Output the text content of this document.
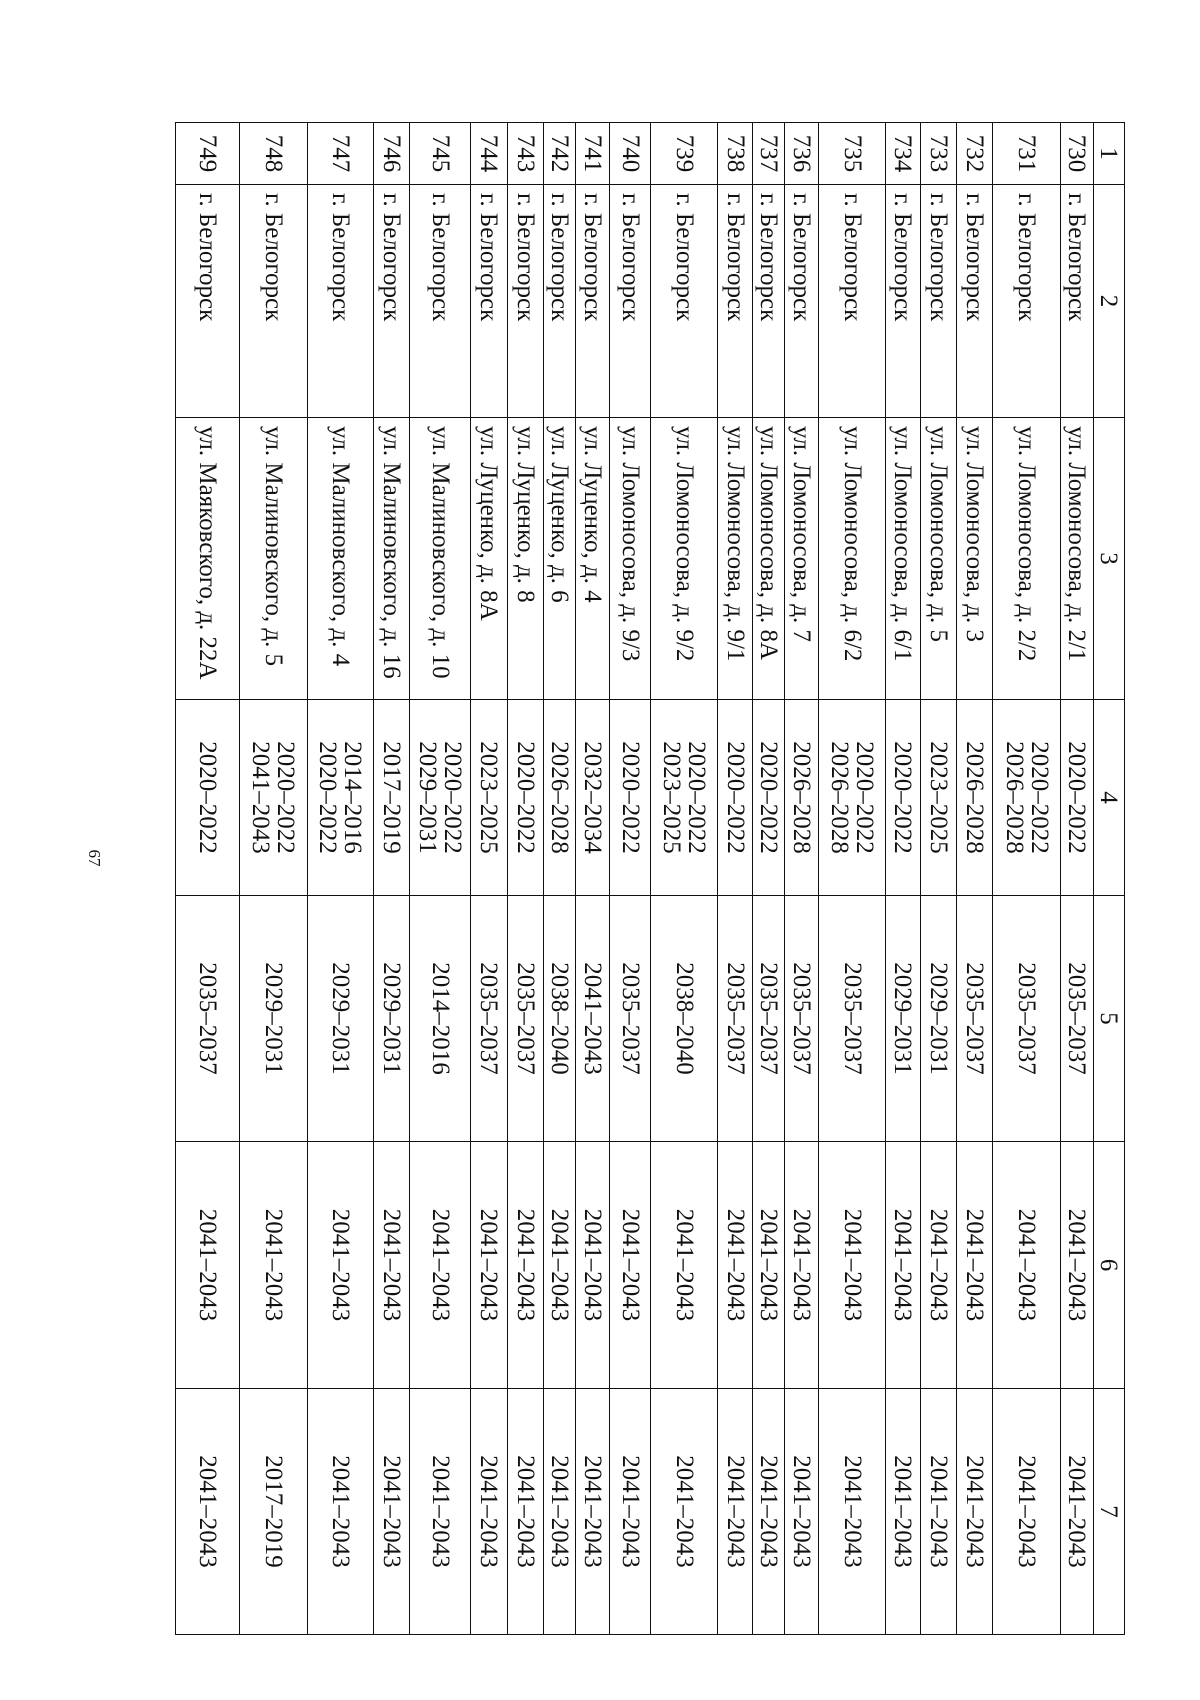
67
1	2	3	4	5	6	7
730	г. Белогорск	ул. Ломоносова, д. 2/1	2020–2022	2035–2037	2041–2043	2041–2043
731	г. Белогорск	ул. Ломоносова, д. 2/2	2020–2022
2026–2028	2035–2037	2041–2043	2041–2043
732	г. Белогорск	ул. Ломоносова, д. 3	2026–2028	2035–2037	2041–2043	2041–2043
733	г. Белогорск	ул. Ломоносова, д. 5	2023–2025	2029–2031	2041–2043	2041–2043
734	г. Белогорск	ул. Ломоносова, д. 6/1	2020–2022	2029–2031	2041–2043	2041–2043
735	г. Белогорск	ул. Ломоносова, д. 6/2	2020–2022
2026–2028	2035–2037	2041–2043	2041–2043
736	г. Белогорск	ул. Ломоносова, д. 7	2026–2028	2035–2037	2041–2043	2041–2043
737	г. Белогорск	ул. Ломоносова, д. 8А	2020–2022	2035–2037	2041–2043	2041–2043
738	г. Белогорск	ул. Ломоносова, д. 9/1	2020–2022	2035–2037	2041–2043	2041–2043
739	г. Белогорск	ул. Ломоносова, д. 9/2	2020–2022
2023–2025	2038–2040	2041–2043	2041–2043
740	г. Белогорск	ул. Ломоносова, д. 9/3	2020–2022	2035–2037	2041–2043	2041–2043
741	г. Белогорск	ул. Луценко, д. 4	2032–2034	2041–2043	2041–2043	2041–2043
742	г. Белогорск	ул. Луценко, д. 6	2026–2028	2038–2040	2041–2043	2041–2043
743	г. Белогорск	ул. Луценко, д. 8	2020–2022	2035–2037	2041–2043	2041–2043
744	г. Белогорск	ул. Луценко, д. 8А	2023–2025	2035–2037	2041–2043	2041–2043
745	г. Белогорск	ул. Малиновского, д. 10	2020–2022
2029–2031	2014–2016	2041–2043	2041–2043
746	г. Белогорск	ул. Малиновского, д. 16	2017–2019	2029–2031	2041–2043	2041–2043
747	г. Белогорск	ул. Малиновского, д. 4	2014–2016
2020–2022	2029–2031	2041–2043	2041–2043
748	г. Белогорск	ул. Малиновского, д. 5	2020–2022
2041–2043	2029–2031	2041–2043	2017–2019
749	г. Белогорск	ул. Маяковского, д. 22А	2020–2022	2035–2037	2041–2043	2041–2043
